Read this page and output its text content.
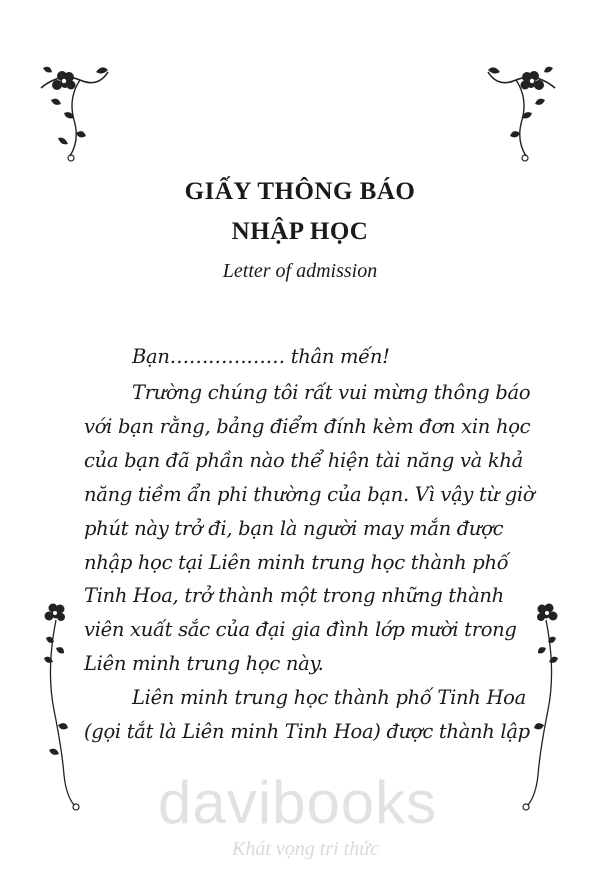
GIẤY THÔNG BÁO
NHẬP HỌC
Letter of admission

Bạn……………… thân mến!

Trường chúng tôi rất vui mừng thông báo
với bạn rằng, bảng điểm đính kèm đơn xin học
của bạn đã phần nào thể hiện tài năng và khả
năng tiềm ẩn phi thường của bạn. Vì vậy từ giờ
phút này trở đi, bạn là người may mắn được
nhập học tại Liên minh trung học thành phố
Tinh Hoa, trở thành một trong những thành
viên xuất sắc của đại gia đình lớp mười trong
Liên minh trung học này.

Liên minh trung học thành phố Tinh Hoa
(gọi tắt là Liên minh Tinh Hoa) được thành lập

davibooks
Khát vọng tri thức
